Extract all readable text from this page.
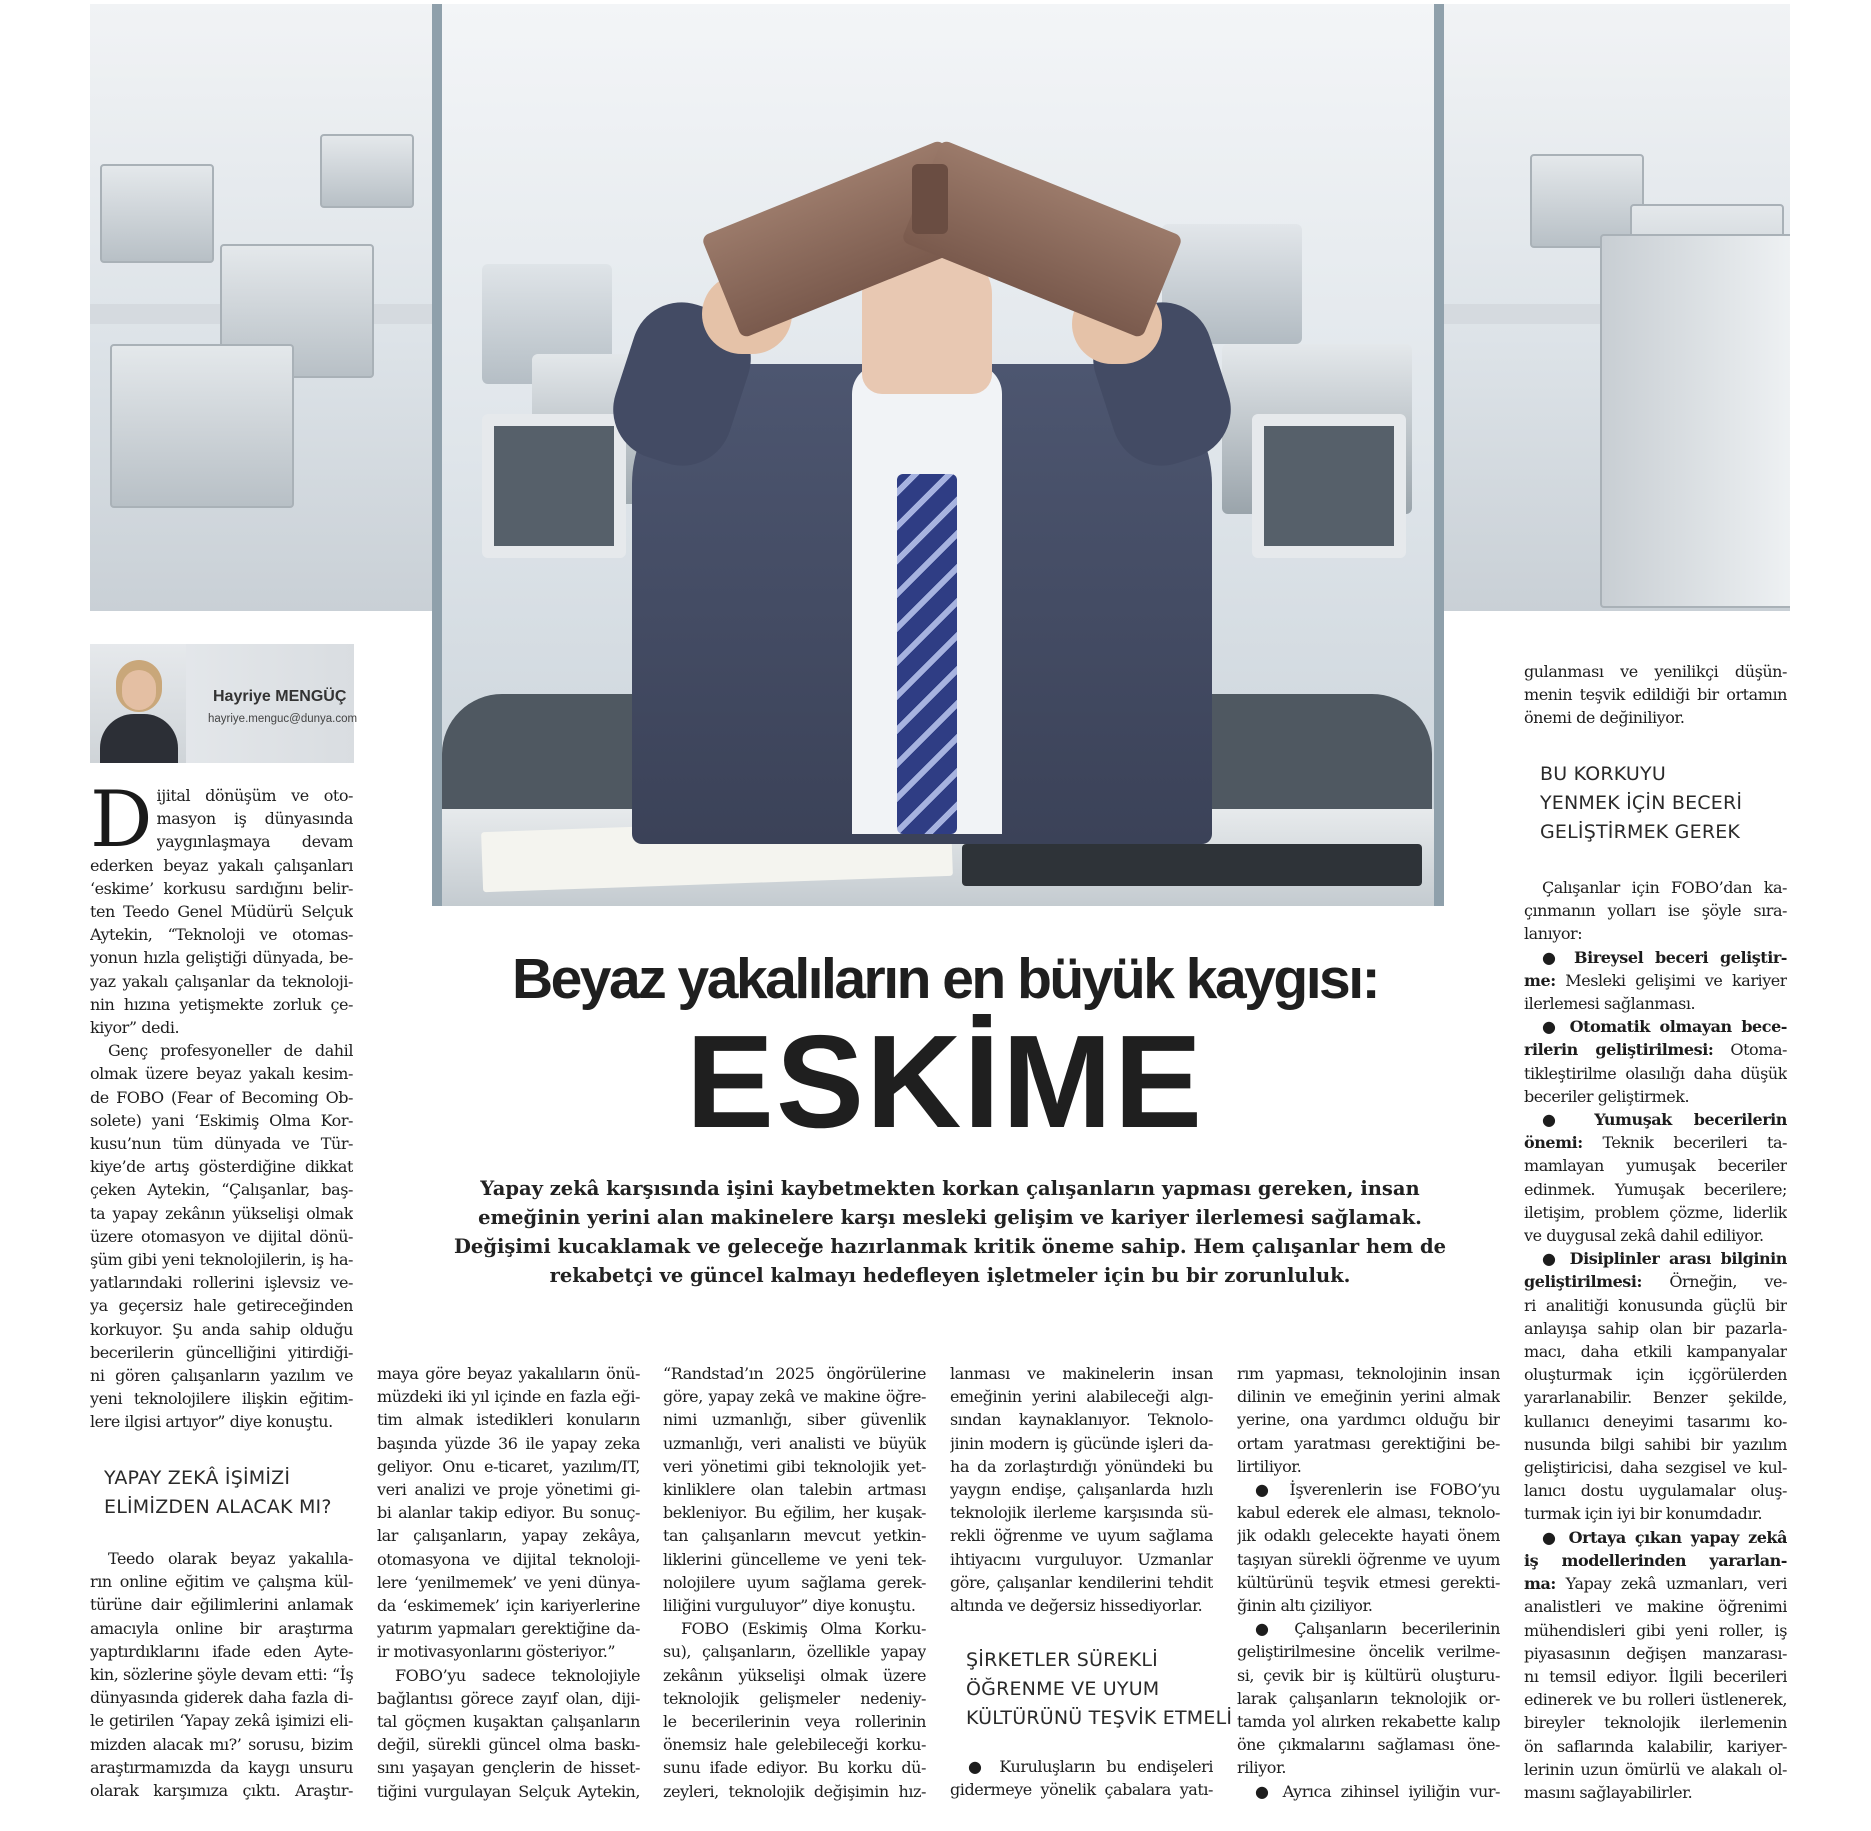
Hayriye MENGÜÇ
hayriye.menguc@dunya.com
Beyaz yakalıların en büyük kaygısı:
ESKİME
Yapay zekâ karşısında işini kaybetmekten korkan çalışanların yapması gereken, insan
emeğinin yerini alan makinelere karşı mesleki gelişim ve kariyer ilerlemesi sağlamak.
Değişimi kucaklamak ve geleceğe hazırlanmak kritik öneme sahip. Hem çalışanlar hem de
rekabetçi ve güncel kalmayı hedefleyen işletmeler için bu bir zorunluluk.
D ijital dönüşüm ve oto-
masyon iş dünyasında
yaygınlaşmaya devam
ederken beyaz yakalı çalışanları
‘eskime’ korkusu sardığını belir-
ten Teedo Genel Müdürü Selçuk
Aytekin, “Teknoloji ve otomas-
yonun hızla geliştiği dünyada, be-
yaz yakalı çalışanlar da teknoloji-
nin hızına yetişmekte zorluk çe-
kiyor” dedi.
Genç profesyoneller de dahil
olmak üzere beyaz yakalı kesim-
de FOBO (Fear of Becoming Ob-
solete) yani ‘Eskimiş Olma Kor-
kusu’nun tüm dünyada ve Tür-
kiye’de artış gösterdiğine dikkat
çeken Aytekin, “Çalışanlar, baş-
ta yapay zekânın yükselişi olmak
üzere otomasyon ve dijital dönü-
şüm gibi yeni teknolojilerin, iş ha-
yatlarındaki rollerini işlevsiz ve-
ya geçersiz hale getireceğinden
korkuyor. Şu anda sahip olduğu
becerilerin güncelliğini yitirdiği-
ni gören çalışanların yazılım ve
yeni teknolojilere ilişkin eğitim-
lere ilgisi artıyor” diye konuştu.
YAPAY ZEKÂ İŞİMİZİ
ELİMİZDEN ALACAK MI?
Teedo olarak beyaz yakalıla-
rın online eğitim ve çalışma kül-
türüne dair eğilimlerini anlamak
amacıyla online bir araştırma
yaptırdıklarını ifade eden Ayte-
kin, sözlerine şöyle devam etti: “İş
dünyasında giderek daha fazla di-
le getirilen ‘Yapay zekâ işimizi eli-
mizden alacak mı?’ sorusu, bizim
araştırmamızda da kaygı unsuru
olarak karşımıza çıktı. Araştır-
maya göre beyaz yakalıların önü-
müzdeki iki yıl içinde en fazla eği-
tim almak istedikleri konuların
başında yüzde 36 ile yapay zeka
geliyor. Onu e-ticaret, yazılım/IT,
veri analizi ve proje yönetimi gi-
bi alanlar takip ediyor. Bu sonuç-
lar çalışanların, yapay zekâya,
otomasyona ve dijital teknoloji-
lere ‘yenilmemek’ ve yeni dünya-
da ‘eskimemek’ için kariyerlerine
yatırım yapmaları gerektiğine da-
ir motivasyonlarını gösteriyor.”
FOBO’yu sadece teknolojiyle
bağlantısı görece zayıf olan, diji-
tal göçmen kuşaktan çalışanların
değil, sürekli güncel olma baskı-
sını yaşayan gençlerin de hisset-
tiğini vurgulayan Selçuk Aytekin,
“Randstad’ın 2025 öngörülerine
göre, yapay zekâ ve makine öğre-
nimi uzmanlığı, siber güvenlik
uzmanlığı, veri analisti ve büyük
veri yönetimi gibi teknolojik yet-
kinliklere olan talebin artması
bekleniyor. Bu eğilim, her kuşak-
tan çalışanların mevcut yetkin-
liklerini güncelleme ve yeni tek-
nolojilere uyum sağlama gerek-
liliğini vurguluyor” diye konuştu.
FOBO (Eskimiş Olma Korku-
su), çalışanların, özellikle yapay
zekânın yükselişi olmak üzere
teknolojik gelişmeler nedeniy-
le becerilerinin veya rollerinin
önemsiz hale gelebileceği korku-
sunu ifade ediyor. Bu korku dü-
zeyleri, teknolojik değişimin hız-
lanması ve makinelerin insan
emeğinin yerini alabileceği algı-
sından kaynaklanıyor. Teknolo-
jinin modern iş gücünde işleri da-
ha da zorlaştırdığı yönündeki bu
yaygın endişe, çalışanlarda hızlı
teknolojik ilerleme karşısında sü-
rekli öğrenme ve uyum sağlama
ihtiyacını vurguluyor. Uzmanlar
göre, çalışanlar kendilerini tehdit
altında ve değersiz hissediyorlar.
ŞİRKETLER SÜREKLİ
ÖĞRENME VE UYUM
KÜLTÜRÜNÜ TEŞVİK ETMELİ
● Kuruluşların bu endişeleri
gidermeye yönelik çabalara yatı-
rım yapması, teknolojinin insan
dilinin ve emeğinin yerini almak
yerine, ona yardımcı olduğu bir
ortam yaratması gerektiğini be-
lirtiliyor.
● İşverenlerin ise FOBO’yu
kabul ederek ele alması, teknolo-
jik odaklı gelecekte hayati önem
taşıyan sürekli öğrenme ve uyum
kültürünü teşvik etmesi gerekti-
ğinin altı çiziliyor.
● Çalışanların becerilerinin
geliştirilmesine öncelik verilme-
si, çevik bir iş kültürü oluşturu-
larak çalışanların teknolojik or-
tamda yol alırken rekabette kalıp
öne çıkmalarını sağlaması öne-
riliyor.
● Ayrıca zihinsel iyiliğin vur-
gulanması ve yenilikçi düşün-
menin teşvik edildiği bir ortamın
önemi de değiniliyor.
BU KORKUYU
YENMEK İÇİN BECERİ
GELİŞTİRMEK GEREK
Çalışanlar için FOBO’dan ka-
çınmanın yolları ise şöyle sıra-
lanıyor:
● Bireysel beceri geliştir-
me: Mesleki gelişimi ve kariyer
ilerlemesi sağlanması.
● Otomatik olmayan bece-
rilerin geliştirilmesi: Otoma-
tikleştirilme olasılığı daha düşük
beceriler geliştirmek.
● Yumuşak becerilerin
önemi: Teknik becerileri ta-
mamlayan yumuşak beceriler
edinmek. Yumuşak becerilere;
iletişim, problem çözme, liderlik
ve duygusal zekâ dahil ediliyor.
● Disiplinler arası bilginin
geliştirilmesi: Örneğin, ve-
ri analitiği konusunda güçlü bir
anlayışa sahip olan bir pazarla-
macı, daha etkili kampanyalar
oluşturmak için içgörülerden
yararlanabilir. Benzer şekilde,
kullanıcı deneyimi tasarımı ko-
nusunda bilgi sahibi bir yazılım
geliştiricisi, daha sezgisel ve kul-
lanıcı dostu uygulamalar oluş-
turmak için iyi bir konumdadır.
● Ortaya çıkan yapay zekâ
iş modellerinden yararlan-
ma: Yapay zekâ uzmanları, veri
analistleri ve makine öğrenimi
mühendisleri gibi yeni roller, iş
piyasasının değişen manzarası-
nı temsil ediyor. İlgili becerileri
edinerek ve bu rolleri üstlenerek,
bireyler teknolojik ilerlemenin
ön saflarında kalabilir, kariyer-
lerinin uzun ömürlü ve alakalı ol-
masını sağlayabilirler.
